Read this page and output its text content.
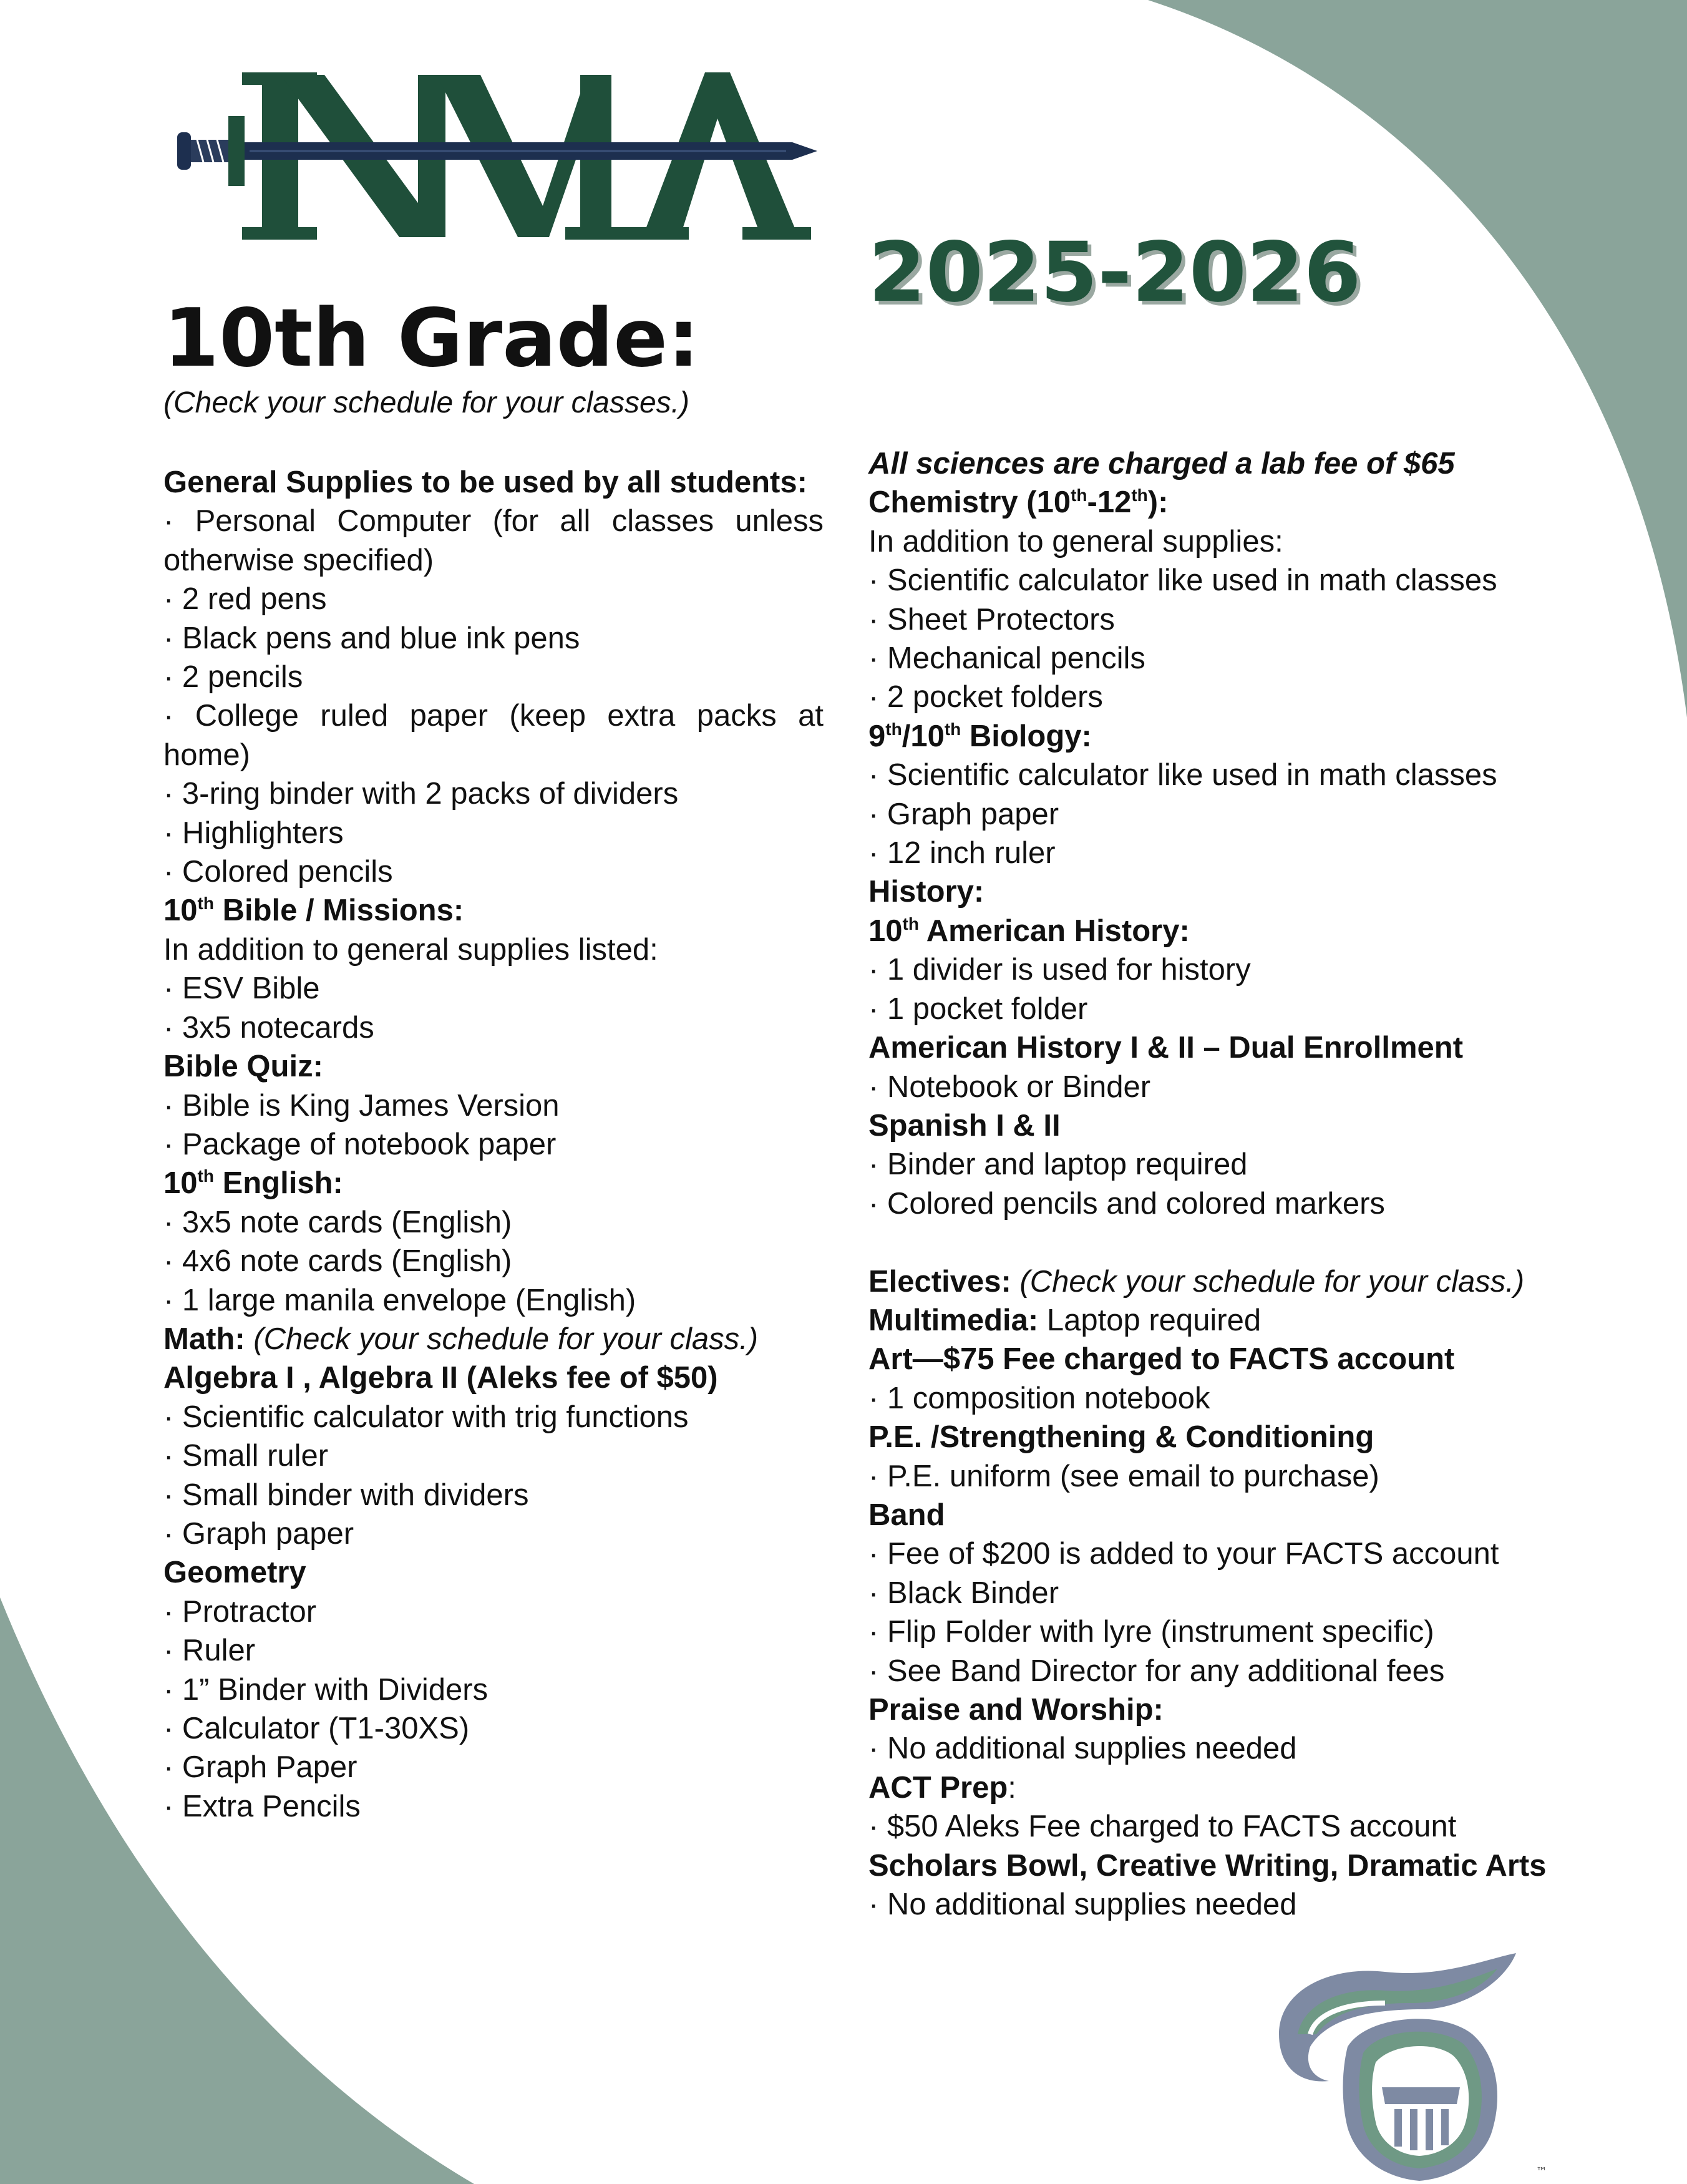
2025-2026
10th Grade:
(Check your schedule for your classes.)
General Supplies to be used by all students:
· Personal Computer (for all classes unless otherwise specified)
· 2 red pens
· Black pens and blue ink pens
· 2 pencils
· College ruled paper (keep extra packs at home)
· 3-ring binder with 2 packs of dividers
· Highlighters
· Colored pencils
10th Bible / Missions:
In addition to general supplies listed:
· ESV Bible
· 3x5 notecards
Bible Quiz:
· Bible is King James Version
· Package of notebook paper
10th English:
· 3x5 note cards (English)
· 4x6 note cards (English)
· 1 large manila envelope (English)
Math: (Check your schedule for your class.)
Algebra I , Algebra II (Aleks fee of $50)
· Scientific calculator with trig functions
· Small ruler
· Small binder with dividers
· Graph paper
Geometry
· Protractor
· Ruler
· 1” Binder with Dividers
· Calculator (T1-30XS)
· Graph Paper
· Extra Pencils
All sciences are charged a lab fee of $65
Chemistry (10th-12th):
In addition to general supplies:
· Scientific calculator like used in math classes
· Sheet Protectors
· Mechanical pencils
· 2 pocket folders
9th/10th Biology:
· Scientific calculator like used in math classes
· Graph paper
· 12 inch ruler
History:
10th American History:
· 1 divider is used for history
· 1 pocket folder
American History I & II – Dual Enrollment
· Notebook or Binder
Spanish I & II
· Binder and laptop required
· Colored pencils and colored markers
Electives: (Check your schedule for your class.)
Multimedia: Laptop required
Art—$75 Fee charged to FACTS account
· 1 composition notebook
P.E. /Strengthening & Conditioning
· P.E. uniform (see email to purchase)
Band
· Fee of $200 is added to your FACTS account
· Black Binder
· Flip Folder with lyre (instrument specific)
· See Band Director for any additional fees
Praise and Worship:
· No additional supplies needed
ACT Prep:
· $50 Aleks Fee charged to FACTS account
Scholars Bowl, Creative Writing, Dramatic Arts
· No additional supplies needed
™
